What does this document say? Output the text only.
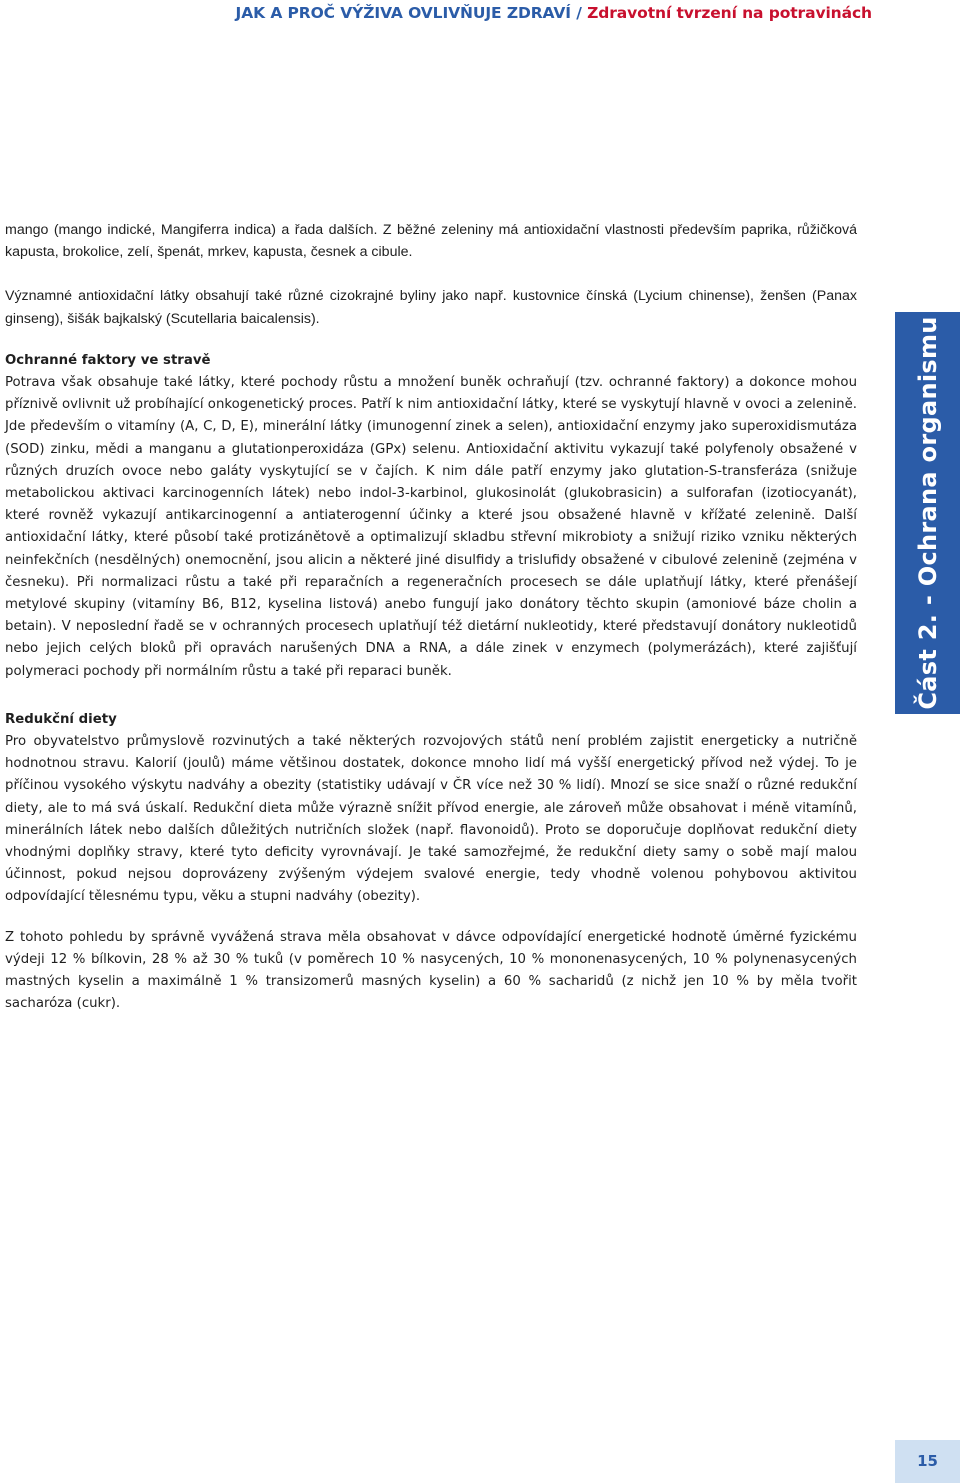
JAK A PROČ VÝŽIVA OVLIVŇUJE ZDRAVÍ / Zdravotní tvrzení na potravinách

mango (mango indické, Mangiferra indica) a řada dalších. Z běžné zeleniny má antioxidační vlastnosti především paprika, růžičková kapusta, brokolice, zelí, špenát, mrkev, kapusta, česnek a cibule.

Významné antioxidační látky obsahují také různé cizokrajné byliny jako např. kustovnice čínská (Lycium chinense), ženšen (Panax ginseng), šišák bajkalský (Scutellaria baicalensis).

Ochranné faktory ve stravě

Potrava však obsahuje také látky, které pochody růstu a množení buněk ochraňují (tzv. ochranné faktory) a dokonce mohou příznivě ovlivnit už probíhající onkogenetický proces. Patří k nim antioxidační látky, které se vyskytují hlavně v ovoci a zelenině. Jde především o vitamíny (A, C, D, E), minerální látky (imunogenní zinek a selen), antioxidační enzymy jako superoxidismutáza (SOD) zinku, mědi a manganu a glutationperoxidáza (GPx) selenu. Antioxidační aktivitu vykazují také polyfenoly obsažené v různých druzích ovoce nebo galáty vyskytující se v čajích. K nim dále patří enzymy jako glutation-S-transferáza (snižuje metabolickou aktivaci karcinogenních látek) nebo indol-3-karbinol, glukosinolát (glukobrasicin) a sulforafan (izotiocyanát), které rovněž vykazují antikarcinogenní a antiaterogenní účinky a které jsou obsažené hlavně v křížaté zelenině. Další antioxidační látky, které působí také protizánětově a optimalizují skladbu střevní mikrobioty a snižují riziko vzniku některých neinfekčních (nesdělných) onemocnění, jsou alicin a některé jiné disulfidy a trislufidy obsažené v cibulové zelenině (zejména v česneku). Při normalizaci růstu a také při reparačních a regeneračních procesech se dále uplatňují látky, které přenášejí metylové skupiny (vitamíny B6, B12, kyselina listová) anebo fungují jako donátory těchto skupin (amoniové báze cholin a betain). V neposlední řadě se v ochranných procesech uplatňují též dietární nukleotidy, které představují donátory nukleotidů nebo jejich celých bloků při opravách narušených DNA a RNA, a dále zinek v enzymech (polymerázách), které zajišťují polymeraci pochody při normálním růstu a také při reparaci buněk.

Redukční diety

Pro obyvatelstvo průmyslově rozvinutých a také některých rozvojových států není problém zajistit energeticky a nutričně hodnotnou stravu. Kalorií (joulů) máme většinou dostatek, dokonce mnoho lidí má vyšší energetický přívod než výdej. To je příčinou vysokého výskytu nadváhy a obezity (statistiky udávají v ČR více než 30 % lidí). Mnozí se sice snaží o různé redukční diety, ale to má svá úskalí. Redukční dieta může výrazně snížit přívod energie, ale zároveň může obsahovat i méně vitamínů, minerálních látek nebo dalších důležitých nutričních složek (např. flavonoidů). Proto se doporučuje doplňovat redukční diety vhodnými doplňky stravy, které tyto deficity vyrovnávají. Je také samozřejmé, že redukční diety samy o sobě mají malou účinnost, pokud nejsou doprovázeny zvýšeným výdejem svalové energie, tedy vhodně volenou pohybovou aktivitou odpovídající tělesnému typu, věku a stupni nadváhy (obezity).

Z tohoto pohledu by správně vyvážená strava měla obsahovat v dávce odpovídající energetické hodnotě úměrné fyzickému výdeji 12 % bílkovin, 28 % až 30 % tuků (v poměrech 10 % nasycených, 10 % mononenasycených, 10 % polynenasycených mastných kyselin a maximálně 1 % transizomerů masných kyselin) a 60 % sacharidů (z nichž jen 10 % by měla tvořit sacharóza (cukr).

Část 2. - Ochrana organismu
15
